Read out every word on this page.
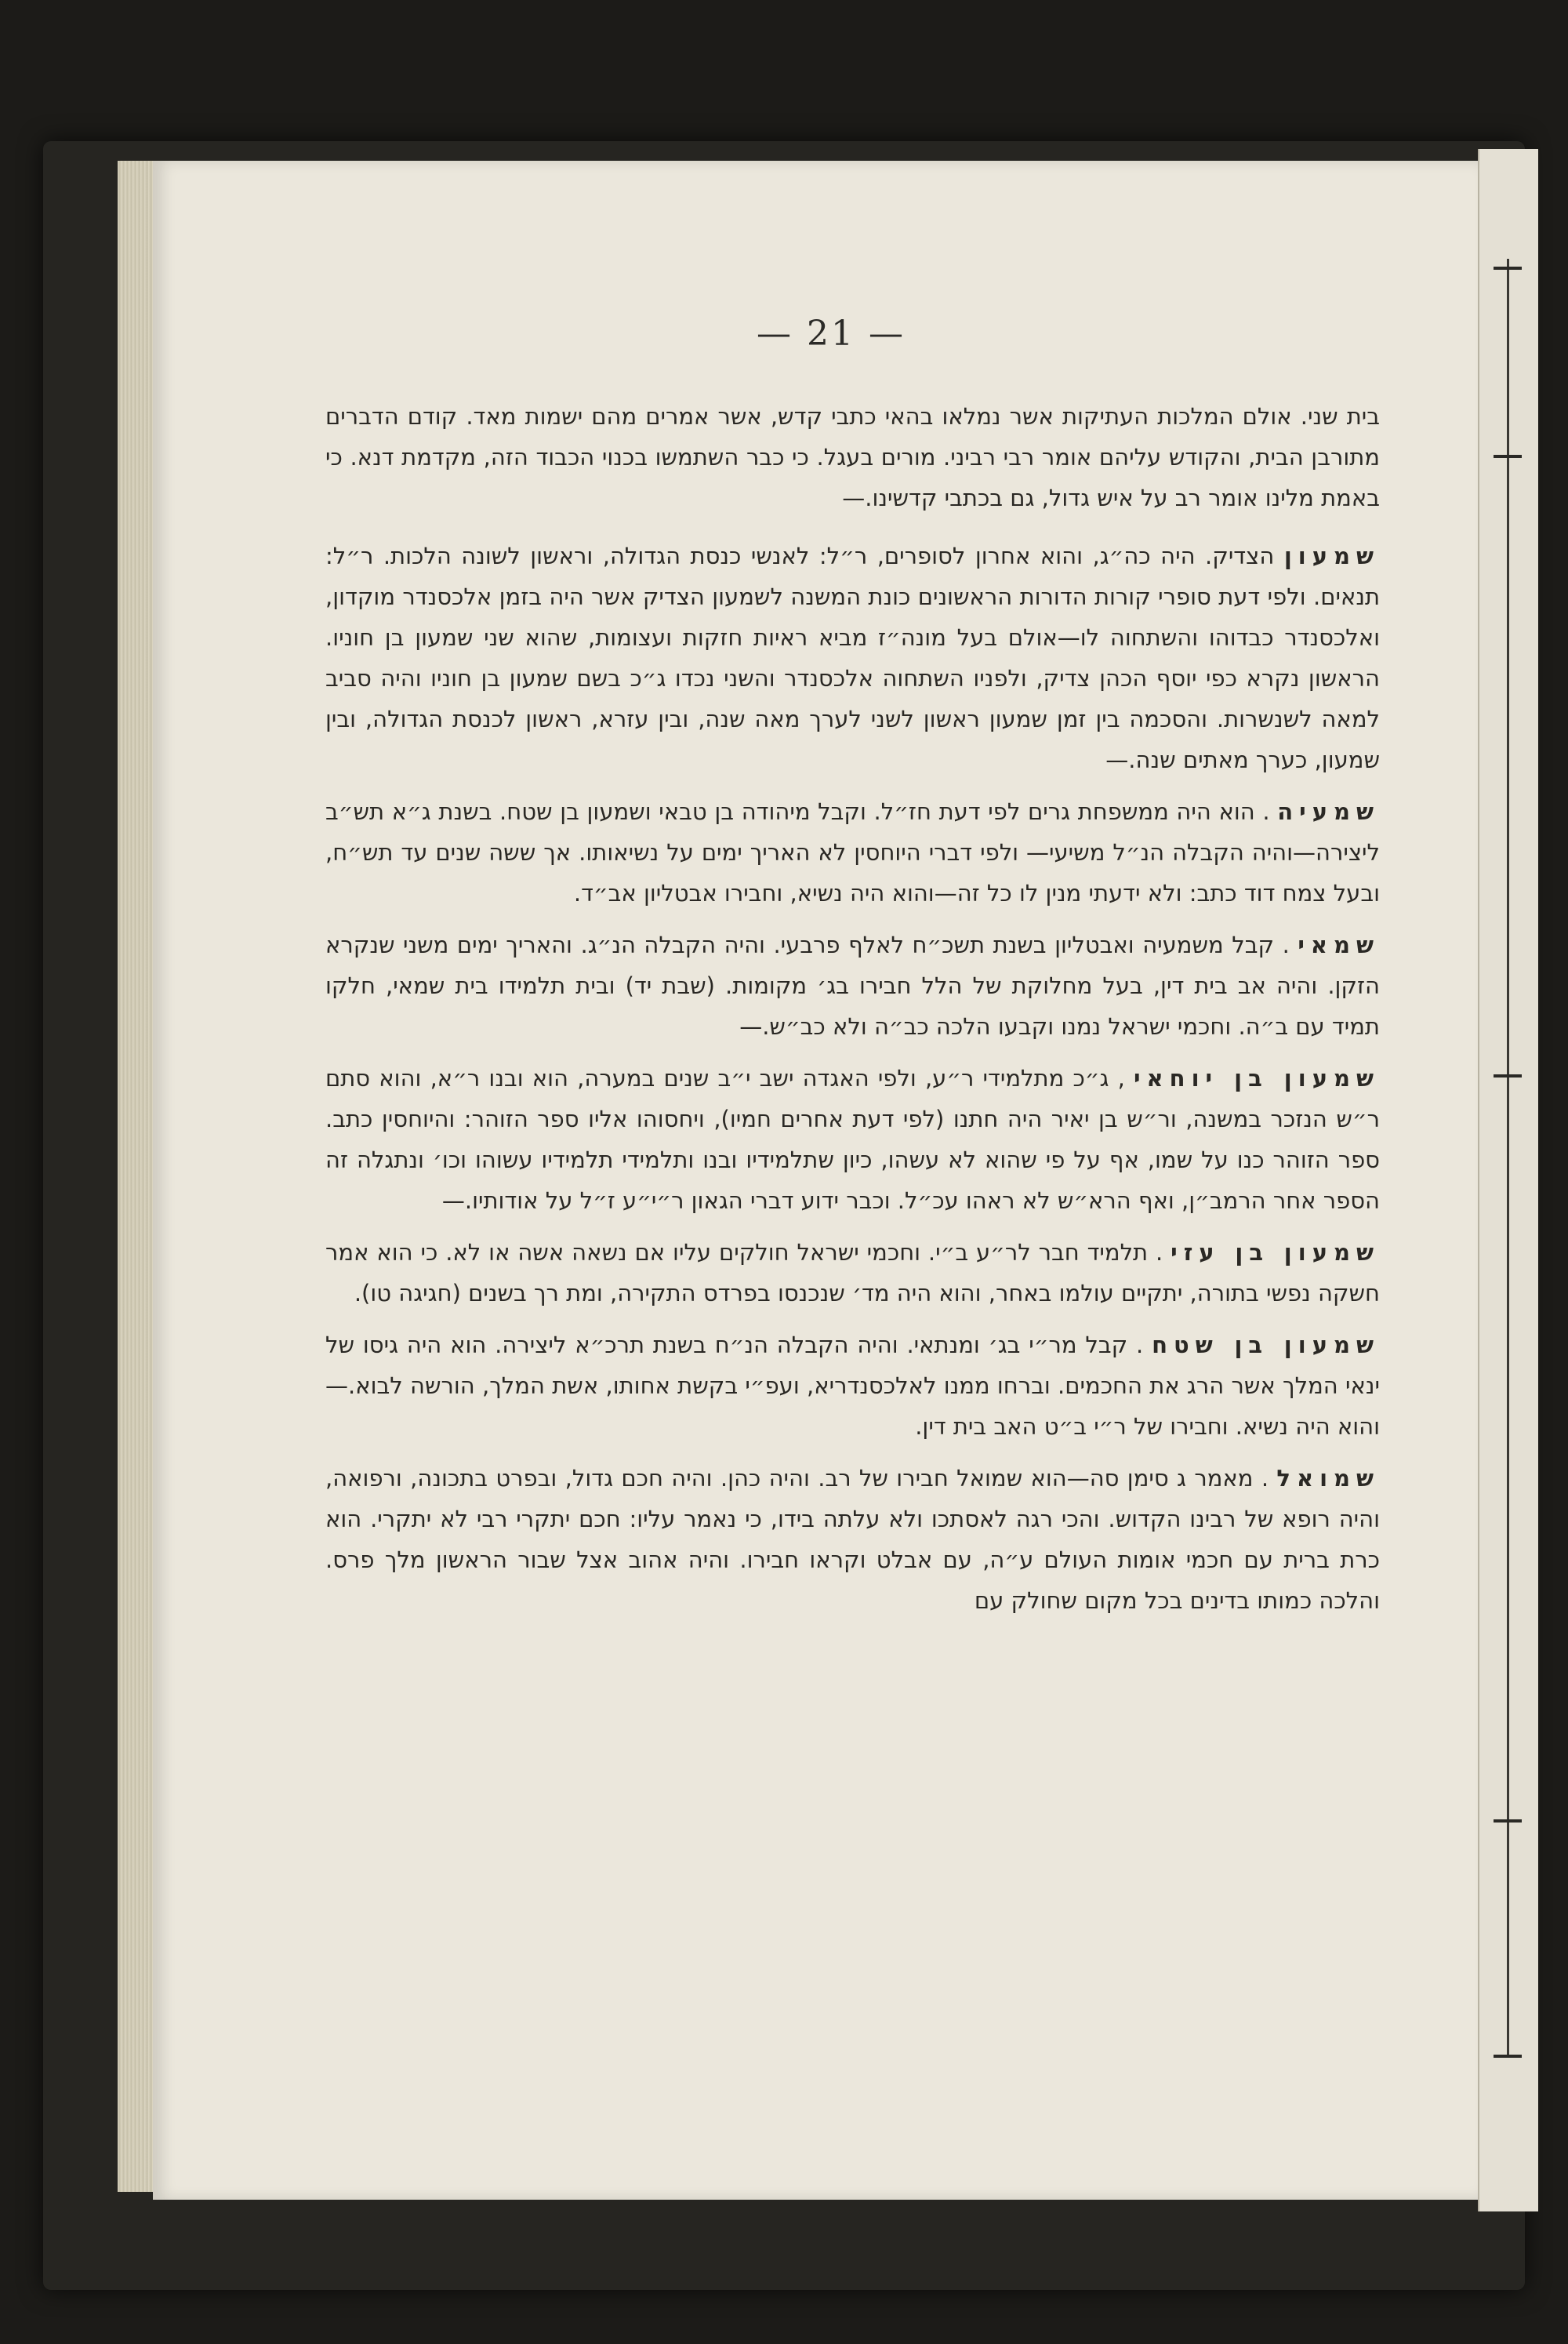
— 21 —

בית שני. אולם המלכות העתיקות אשר נמלאו בהאי כתבי קדש, אשר אמרים מהם ישמות מאד. קודם הדברים מתורבן הבית, והקודש עליהם אומר רבי רביני. מורים בעגל. כי כבר השתמשו בכנוי הכבוד הזה, מקדמת דנא. כי באמת מלינו אומר רב על איש גדול, גם בכתבי קדשינו.—

שמעון הצדיק. היה כה״ג, והוא אחרון לסופרים, ר״ל: לאנשי כנסת הגדולה, וראשון לשונה הלכות. ר״ל: תנאים. ולפי דעת סופרי קורות הדורות הראשונים כונת המשנה לשמעון הצדיק אשר היה בזמן אלכסנדר מוקדון, ואלכסנדר כבדוהו והשתחוה לו—אולם בעל מונה״ז מביא ראיות חזקות ועצומות, שהוא שני שמעון בן חוניו. הראשון נקרא כפי יוסף הכהן צדיק, ולפניו השתחוה אלכסנדר והשני נכדו ג״כ בשם שמעון בן חוניו והיה סביב למאה לשנשרות. והסכמה בין זמן שמעון ראשון לשני לערך מאה שנה, ובין עזרא, ראשון לכנסת הגדולה, ובין שמעון, כערך מאתים שנה.—

שמעיה . הוא היה ממשפחת גרים לפי דעת חז״ל. וקבל מיהודה בן טבאי ושמעון בן שטח. בשנת ג״א תש״ב ליצירה—והיה הקבלה הנ״ל משיעי— ולפי דברי היוחסין לא האריך ימים על נשיאותו. אך ששה שנים עד תש״ח, ובעל צמח דוד כתב: ולא ידעתי מנין לו כל זה—והוא היה נשיא, וחבירו אבטליון אב״ד.

שמאי . קבל משמעיה ואבטליון בשנת תשכ״ח לאלף פרבעי. והיה הקבלה הנ״ג. והאריך ימים משני שנקרא הזקן. והיה אב בית דין, בעל מחלוקת של הלל חבירו בג׳ מקומות. (שבת יד) ובית תלמידו בית שמאי, חלקו תמיד עם ב״ה. וחכמי ישראל נמנו וקבעו הלכה כב״ה ולא כב״ש.—

שמעון בן יוחאי , ג״כ מתלמידי ר״ע, ולפי האגדה ישב י״ב שנים במערה, הוא ובנו ר״א, והוא סתם ר״ש הנזכר במשנה, ור״ש בן יאיר היה חתנו (לפי דעת אחרים חמיו), ויחסוהו אליו ספר הזוהר: והיוחסין כתב. ספר הזוהר כנו על שמו, אף על פי שהוא לא עשהו, כיון שתלמידיו ובנו ותלמידי תלמידיו עשוהו וכו׳ ונתגלה זה הספר אחר הרמב״ן, ואף הרא״ש לא ראהו עכ״ל. וכבר ידוע דברי הגאון ר״י״ע ז״ל על אודותיו.—

שמעון בן עזי . תלמיד חבר לר״ע ב״י. וחכמי ישראל חולקים עליו אם נשאה אשה או לא. כי הוא אמר חשקה נפשי בתורה, יתקיים עולמו באחר, והוא היה מד׳ שנכנסו בפרדס התקירה, ומת רך בשנים (חגיגה טו).

שמעון בן שטח . קבל מר״י בג׳ ומנתאי. והיה הקבלה הנ״ח בשנת תרכ״א ליצירה. הוא היה גיסו של ינאי המלך אשר הרג את החכמים. וברחו ממנו לאלכסנדריא, ועפ״י בקשת אחותו, אשת המלך, הורשה לבוא.— והוא היה נשיא. וחבירו של ר״י ב״ט האב בית דין.

שמואל . מאמר ג סימן סה—הוא שמואל חבירו של רב. והיה כהן. והיה חכם גדול, ובפרט בתכונה, ורפואה, והיה רופא של רבינו הקדוש. והכי רגה לאסתכו ולא עלתה בידו, כי נאמר עליו: חכם יתקרי רבי לא יתקרי. הוא כרת ברית עם חכמי אומות העולם ע״ה, עם אבלט וקראו חבירו. והיה אהוב אצל שבור הראשון מלך פרס. והלכה כמותו בדינים בכל מקום שחולק עם
